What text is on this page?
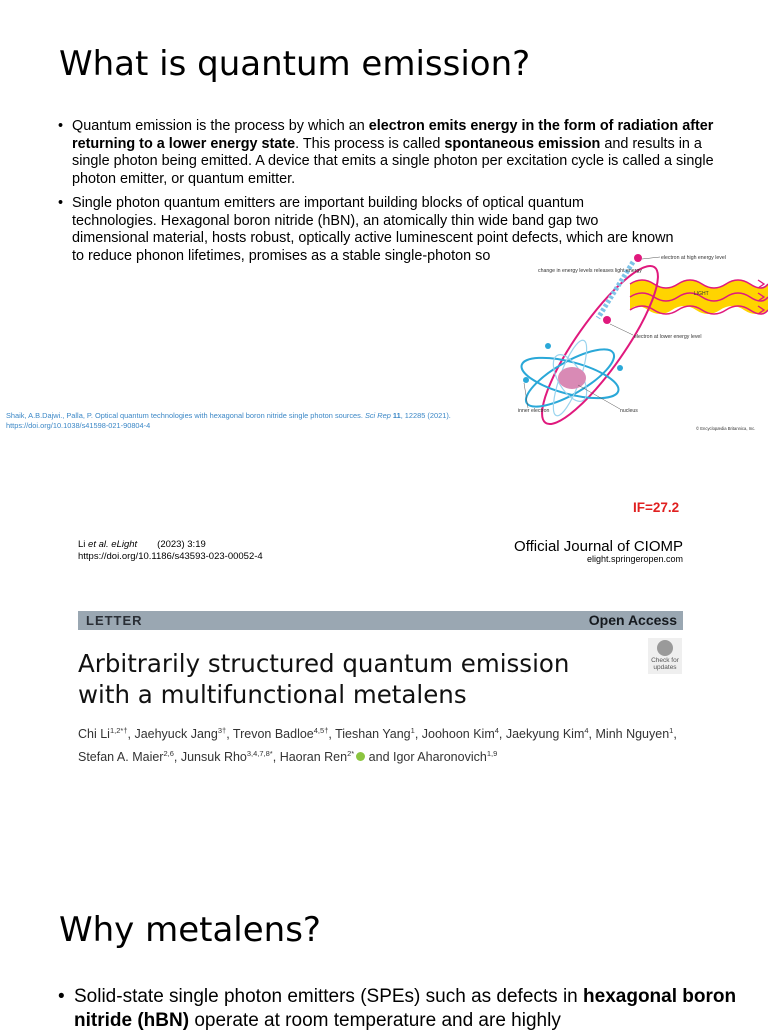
What is quantum emission?
• Quantum emission is the process by which an electron emits energy in the form of radiation after returning to a lower energy state. This process is called spontaneous emission and results in a single photon being emitted. A device that emits a single photon per excitation cycle is called a single photon emitter, or quantum emitter.
• Single photon quantum emitters are important building blocks of optical quantum
technologies. Hexagonal boron nitride (hBN), an atomically thin wide band gap two
dimensional material, hosts robust, optically active luminescent point defects, which are known
to reduce phonon lifetimes, promises as a stable single-photon so
Shaik, A.B.Dajwi., Palla, P. Optical quantum technologies with hexagonal boron nitride single photon sources. Sci Rep 11, 12285 (2021). https://doi.org/10.1038/s41598-021-90804-4
electron at high energy level
change in energy levels releases light energy
LIGHT
electron at lower energy level
inner electron	nucleus
© Encyclopædia Britannica, Inc.
IF=27.2
Li et al. eLight (2023) 3:19
https://doi.org/10.1186/s43593-023-00052-4
Official Journal of CIOMP
elight.springeropen.com
LETTER	Open Access
Arbitrarily structured quantum emission with a multifunctional metalens
Check for updates
Chi $Li^{1,2*\dagger}$, Jaehyuck Jang$^{3\dagger}$, Trevon Badloe$^{4,5\dagger}$, Tieshan Yang$^1$, Joohoon Kim$^4$, Jaekyung Kim$^4$, Minh Nguyen$^1$,
Stefan A. Maier$^{2,6}$, Junsuk Rho$^{3,4,7,8*}$, Haoran Ren$^{2*}$ and Igor Aharonovich$^{1,9}$
Why metalens?
• Solid-state single photon emitters (SPEs) such as defects in hexagonal boron nitride (hBN) operate at room temperature and are highly
